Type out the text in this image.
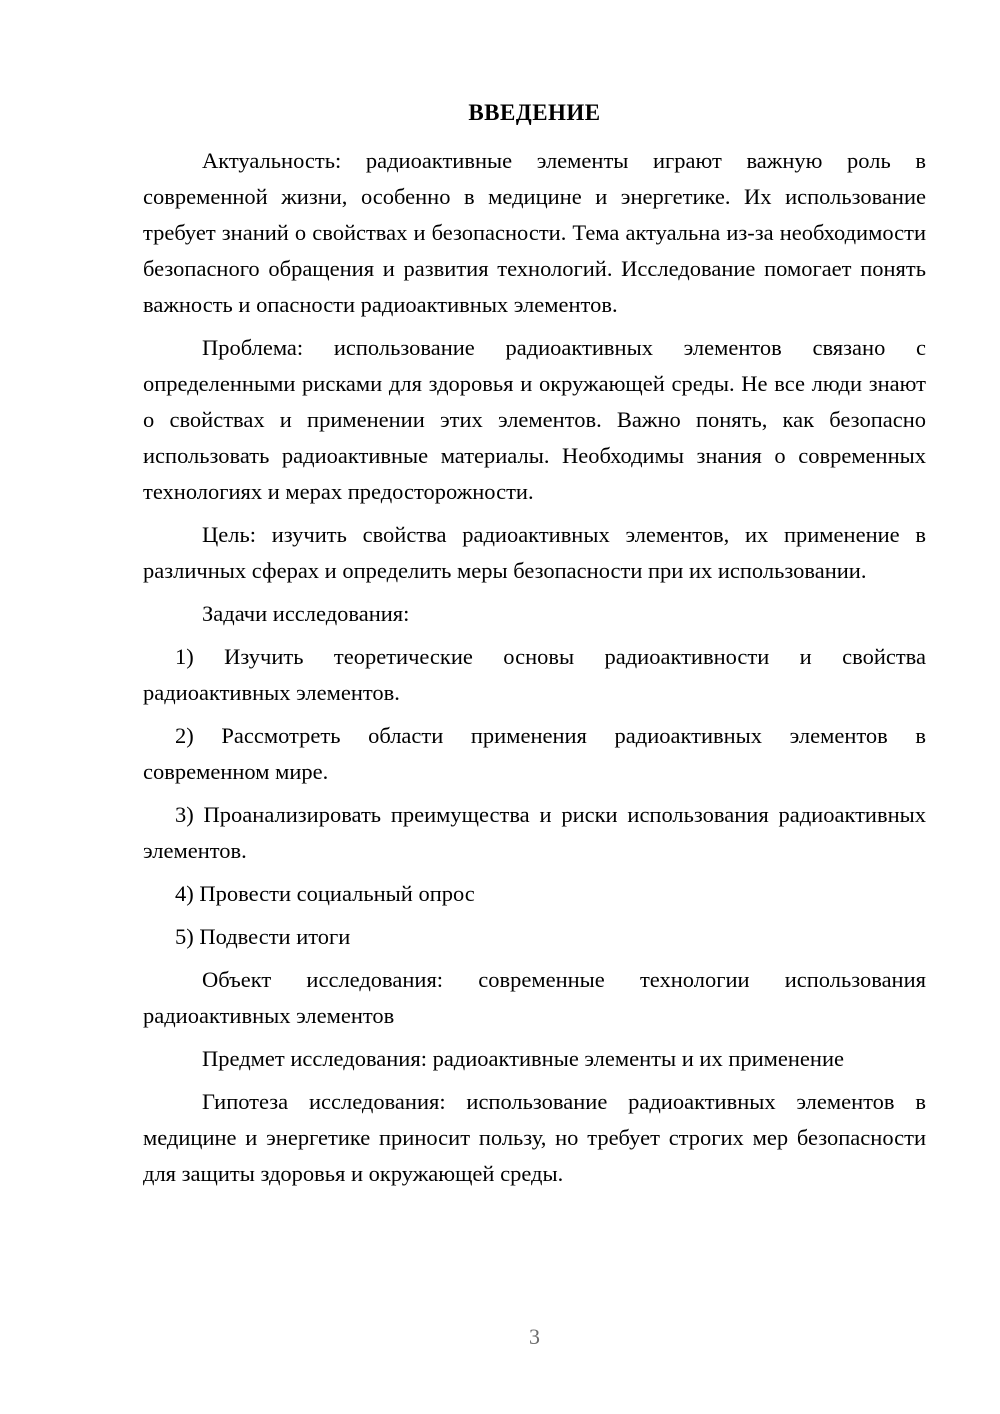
ВВЕДЕНИЕ

Актуальность: радиоактивные элементы играют важную роль в современной жизни, особенно в медицине и энергетике. Их использование требует знаний о свойствах и безопасности. Тема актуальна из-за необходимости безопасного обращения и развития технологий. Исследование помогает понять важность и опасности радиоактивных элементов.

Проблема: использование радиоактивных элементов связано с определенными рисками для здоровья и окружающей среды. Не все люди знают о свойствах и применении этих элементов. Важно понять, как безопасно использовать радиоактивные материалы. Необходимы знания о современных технологиях и мерах предосторожности.

Цель: изучить свойства радиоактивных элементов, их применение в различных сферах и определить меры безопасности при их использовании.

Задачи исследования:

1) Изучить теоретические основы радиоактивности и свойства радиоактивных элементов.

2) Рассмотреть области применения радиоактивных элементов в современном мире.

3) Проанализировать преимущества и риски использования радиоактивных элементов.

4) Провести социальный опрос

5) Подвести итоги

Объект исследования: современные технологии использования радиоактивных элементов

Предмет исследования: радиоактивные элементы и их применение

Гипотеза исследования: использование радиоактивных элементов в медицине и энергетике приносит пользу, но требует строгих мер безопасности для защиты здоровья и окружающей среды.

3
